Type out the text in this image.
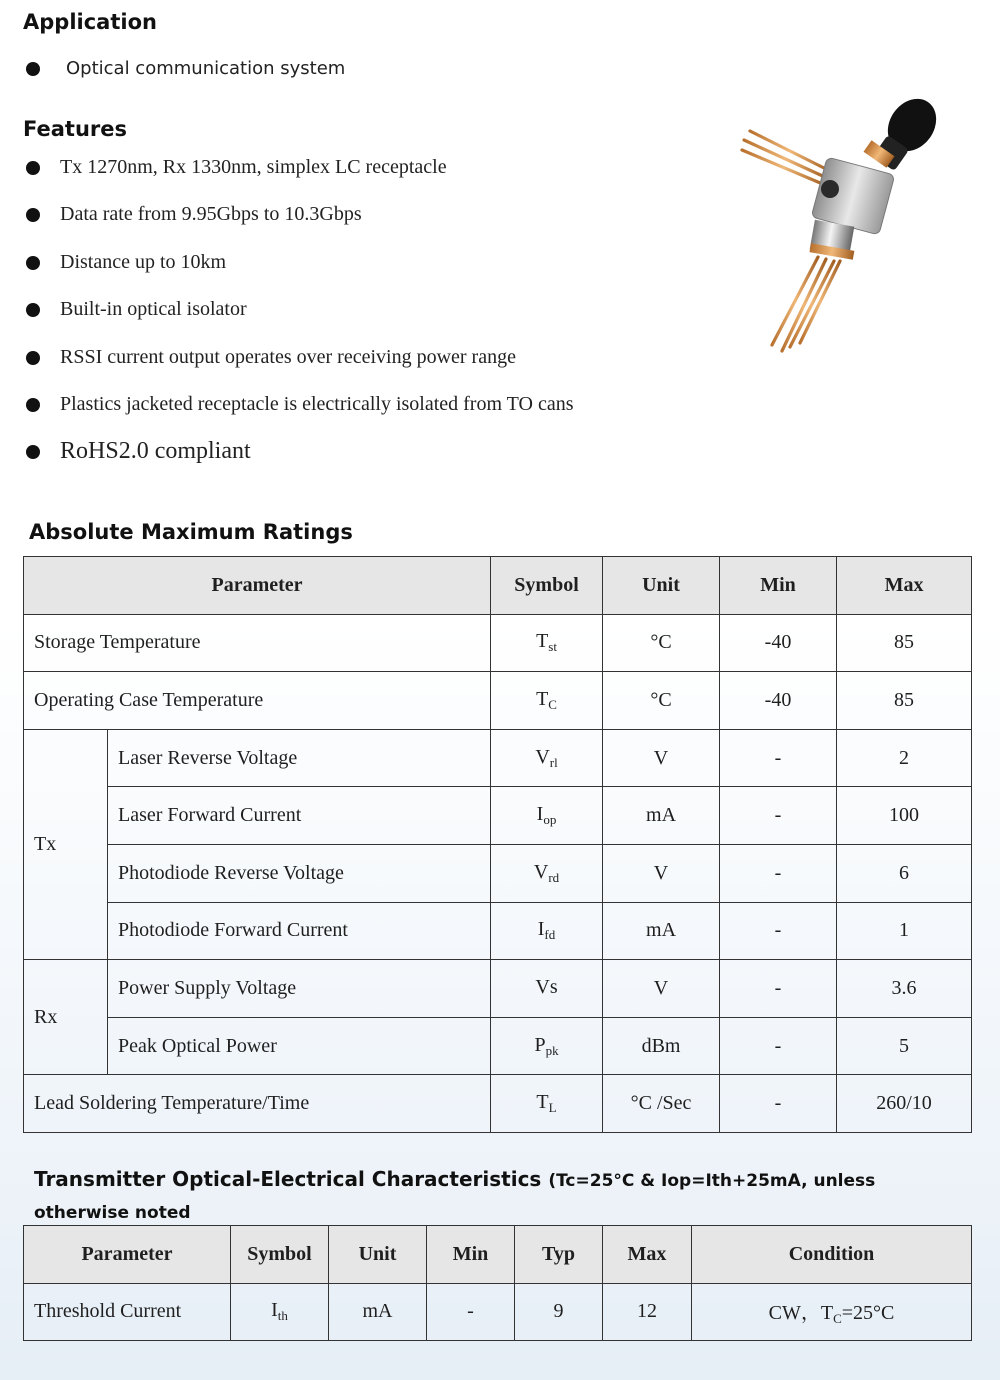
Application
Optical communication system
Features
Tx 1270nm, Rx 1330nm, simplex LC receptacle
Data rate from 9.95Gbps to 10.3Gbps
Distance up to 10km
Built-in optical isolator
RSSI current output operates over receiving power range
Plastics jacketed receptacle is electrically isolated from TO cans
RoHS2.0 compliant
Absolute Maximum Ratings
Parameter		Symbol	Unit	Min	Max
Storage Temperature		$T_{st}$	°C	-40	85
Operating Case Temperature		$T_C$	°C	-40	85
Tx	Laser Reverse Voltage	$V_{rl}$	V	-	2
	Laser Forward Current	$I_{op}$	mA	-	100
	Photodiode Reverse Voltage	$V_{rd}$	V	-	6
	Photodiode Forward Current	$I_{fd}$	mA	-	1
Rx	Power Supply Voltage	Vs	V	-	3.6
	Peak Optical Power	$P_{pk}$	dBm	-	5
Lead Soldering Temperature/Time		$T_L$	°C /Sec	-	260/10
Transmitter Optical-Electrical Characteristics (Tc=25°C & Iop=Ith+25mA, unless
otherwise noted
Parameter	Symbol	Unit	Min	Typ	Max	Condition
Threshold Current	$I_{th}$	mA	-	9	12	CW，$T_C=25^\circ C$
